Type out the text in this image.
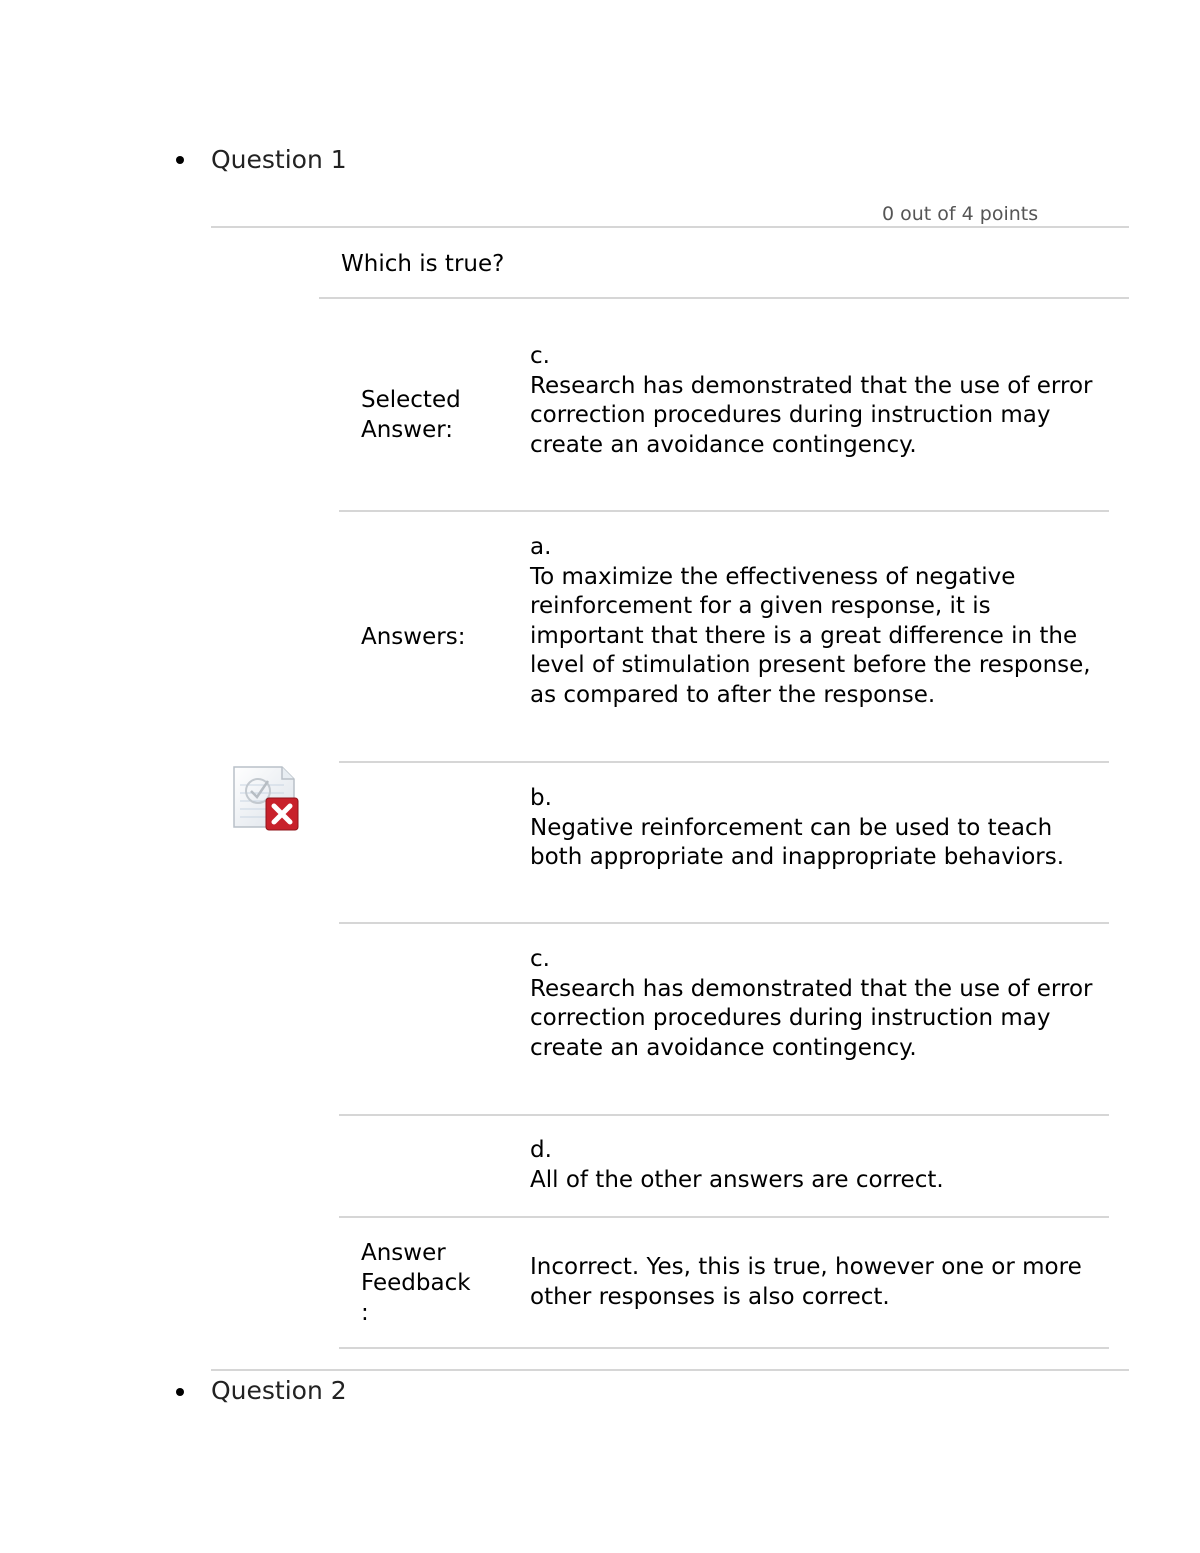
Question 1
0 out of 4 points
Which is true?
Selected
Answer:
c.
Research has demonstrated that the use of error correction procedures during instruction may create an avoidance contingency.
Answers:
a.
To maximize the effectiveness of negative reinforcement for a given response, it is important that there is a great difference in the level of stimulation present before the response, as compared to after the response.
b.
Negative reinforcement can be used to teach both appropriate and inappropriate behaviors.
c.
Research has demonstrated that the use of error correction procedures during instruction may create an avoidance contingency.
d.
All of the other answers are correct.
Answer
Feedback
:
Incorrect. Yes, this is true, however one or more other responses is also correct.
Question 2
